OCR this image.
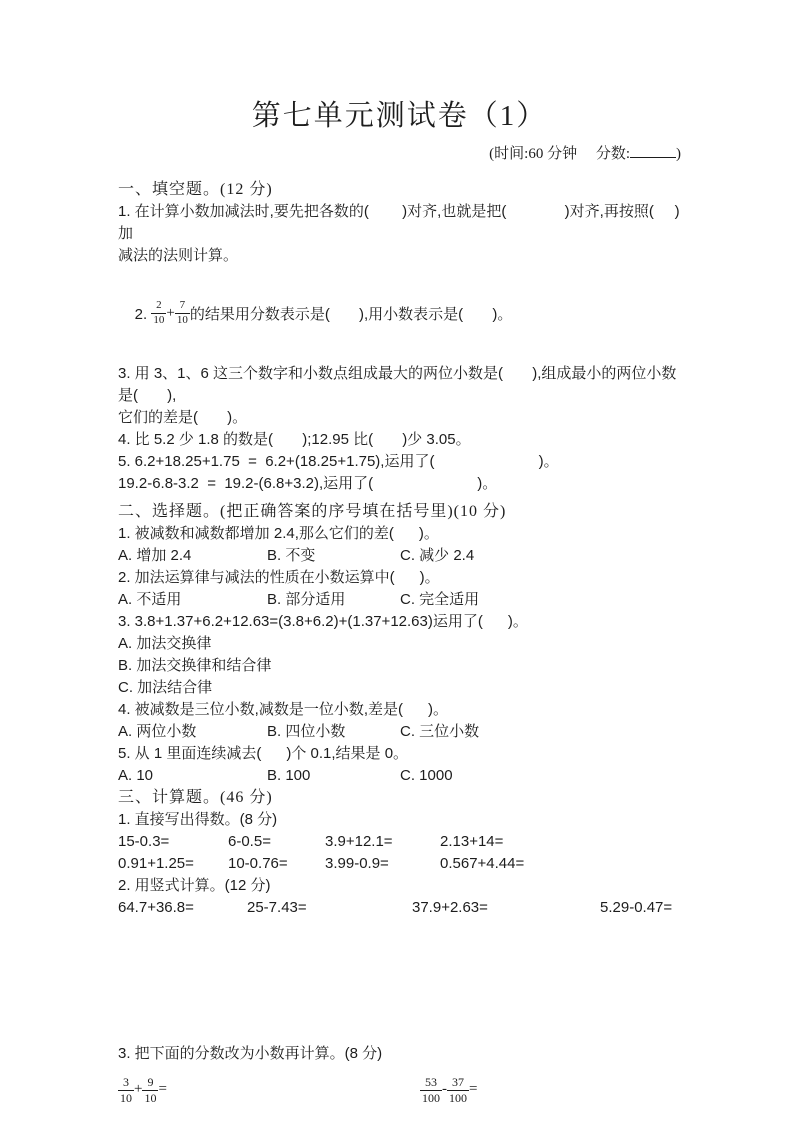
第七单元测试卷（1）
(时间:60 分钟　 分数:	)
一、填空题。(12 分)
1. 在计算小数加减法时,要先把各数的(        )对齐,也就是把(              )对齐,再按照(     )加
减法的法则计算。

2. $\frac{2}{10} + \frac{7}{10}$ 的结果用分数表示是(       ),用小数表示是(       )。

3. 用 3、1、6 这三个数字和小数点组成最大的两位小数是(       ),组成最小的两位小数是(       ),
它们的差是(       )。
4. 比 5.2 少 1.8 的数是(       );12.95 比(       )少 3.05。
5. 6.2+18.25+1.75  =  6.2+(18.25+1.75),运用了(                         )。
19.2-6.8-3.2  =  19.2-(6.8+3.2),运用了(                         )。
二、选择题。(把正确答案的序号填在括号里)(10 分)
1. 被减数和减数都增加 2.4,那么它们的差(      )。
A. 增加 2.4	B. 不变	C. 减少 2.4
2. 加法运算律与减法的性质在小数运算中(      )。
A. 不适用	B. 部分适用	C. 完全适用
3. 3.8+1.37+6.2+12.63=(3.8+6.2)+(1.37+12.63)运用了(      )。
A. 加法交换律
B. 加法交换律和结合律
C. 加法结合律
4. 被减数是三位小数,减数是一位小数,差是(      )。
A. 两位小数	B. 四位小数	C. 三位小数
5. 从 1 里面连续减去(      )个 0.1,结果是 0。
A. 10	B. 100	C. 1000
三、计算题。(46 分)
1. 直接写出得数。(8 分)
15-0.3=	6-0.5=	3.9+12.1=	2.13+14=
0.91+1.25=	10-0.76=	3.99-0.9=	0.567+4.44=
2. 用竖式计算。(12 分)
64.7+36.8=	25-7.43=	37.9+2.63=	5.29-0.47=
3. 把下面的分数改为小数再计算。(8 分)
$\frac{3}{10} + \frac{9}{10}$ =	$\frac{53}{100} - \frac{37}{100}$ =
